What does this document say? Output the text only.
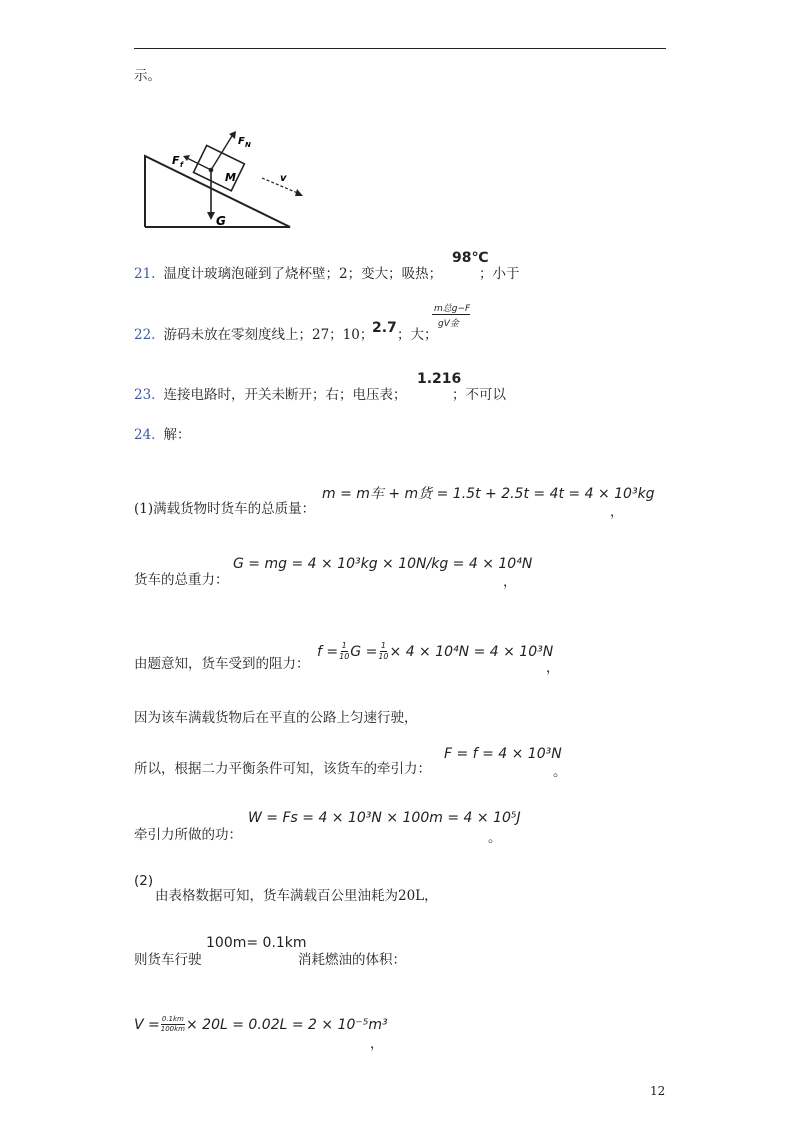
示。
F f
F N
M	v
G
21. 温度计玻璃泡碰到了烧杯壁；2；变大；吸热；
98℃
；小于
22. 游码未放在零刻度线上；27；10；
2.7 ；大；
m总g−F
gV金
23. 连接电路时，开关未断开；右；电压表；
1.216
；不可以
24. 解：
(1)满载货物时货车的总质量：
m = m车 + m货 = 1.5t + 2.5t = 4t = 4 × 10³kg
，
货车的总重力：
G = mg = 4 × 10³kg × 10N/kg = 4 × 10⁴N
，
由题意知，货车受到的阻力：
$f = \frac{1}{10}$ $G = \frac{1}{10} \times 4 \times 10^4N = 4 \times 10^3N$
，
因为该车满载货物后在平直的公路上匀速行驶，
所以，根据二力平衡条件可知，该货车的牵引力：
F = f = 4 × 10³N
。
牵引力所做的功：
W = Fs = 4 × 10³N × 100m = 4 × 10⁵J
。
(2)
由表格数据可知，货车满载百公里油耗为20L，
则货车行驶
100m= 0.1km
消耗燃油的体积：
$V = \frac{0.1km}{100km} \times 20L = 0.02L = 2 \times 10^{-5}m^3$
，
12
